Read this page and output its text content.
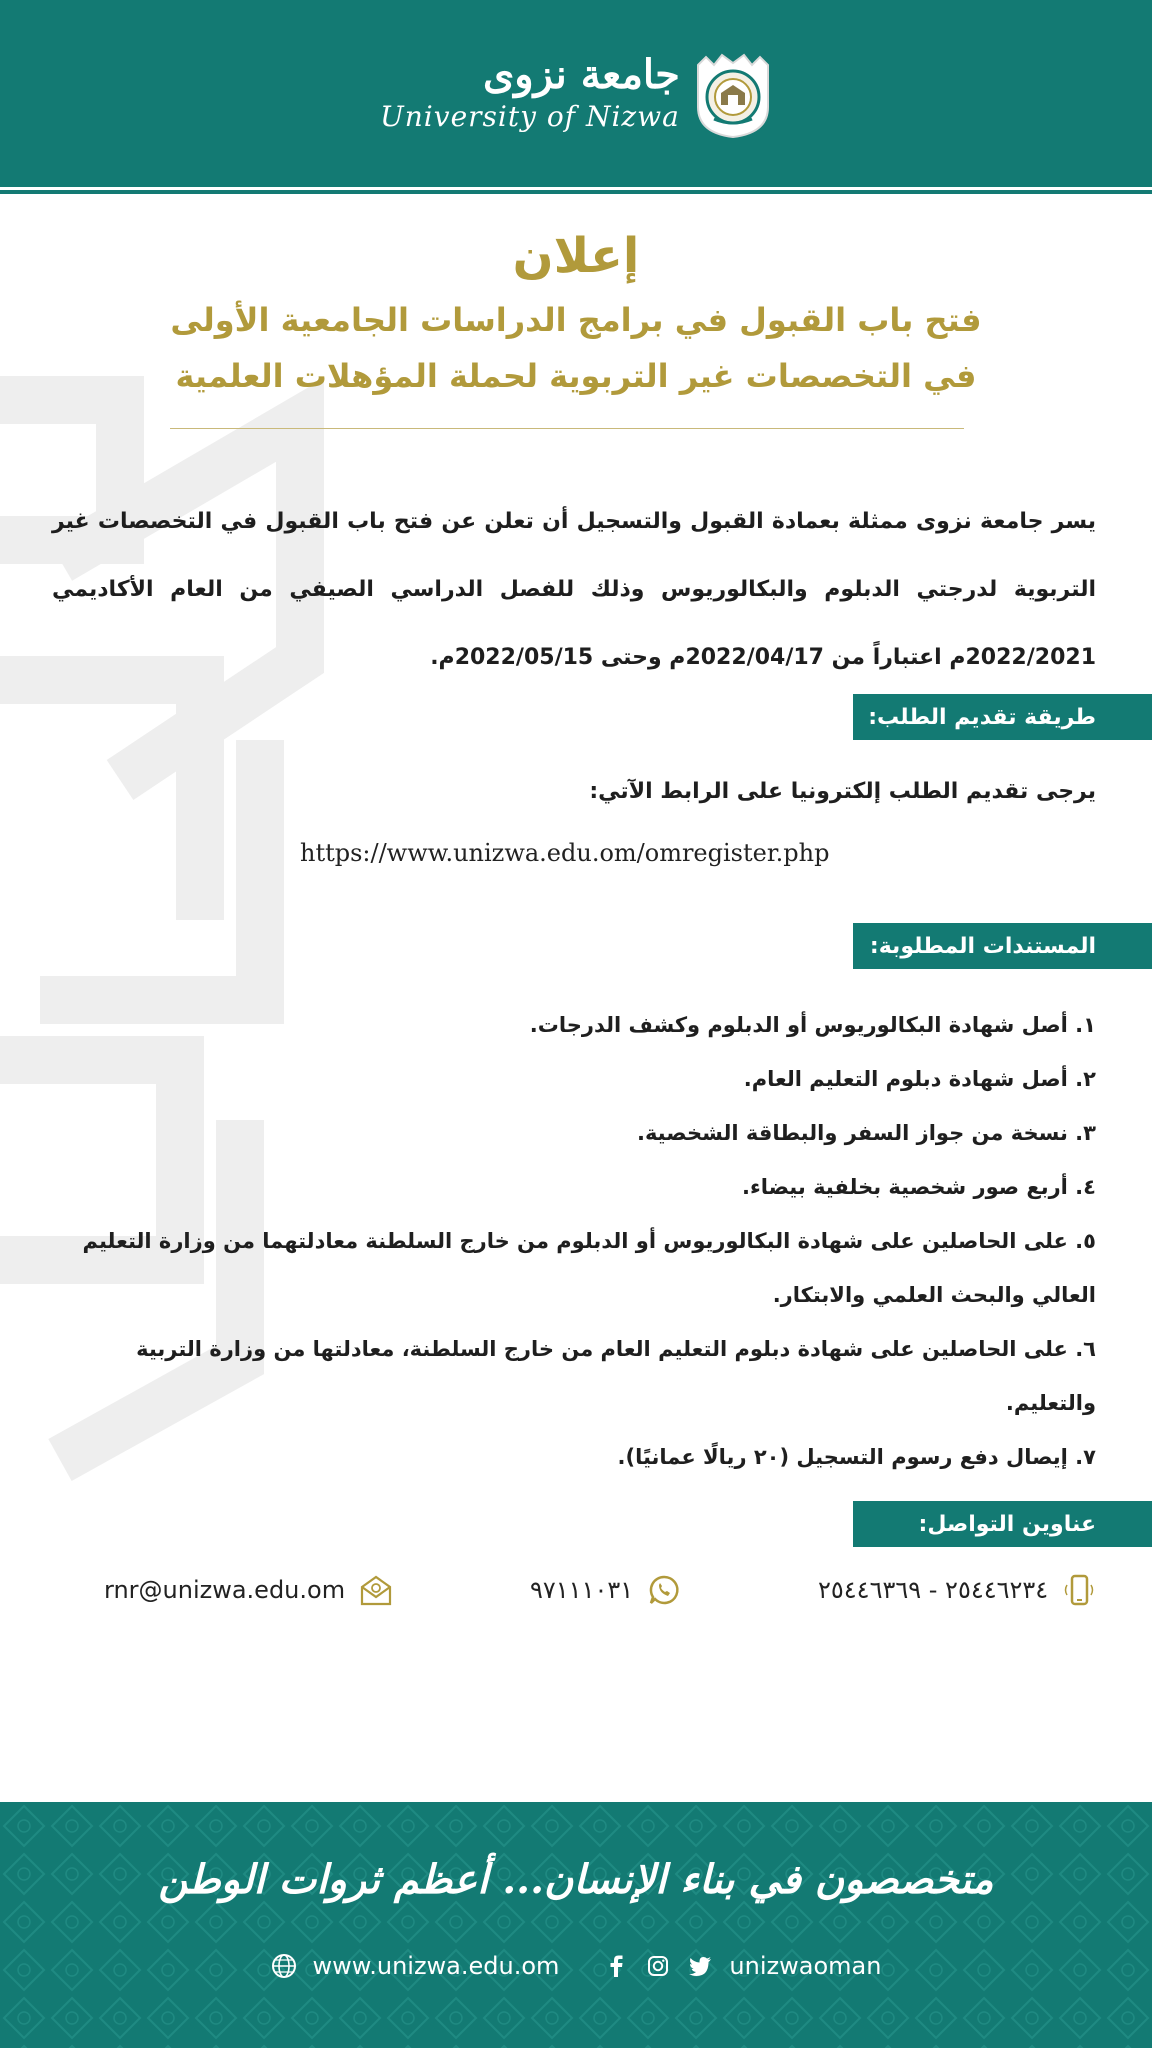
جامعة نزوى
University of Nizwa
إعلان
فتح باب القبول في برامج الدراسات الجامعية الأولى في التخصصات غير التربوية لحملة المؤهلات العلمية
يسر جامعة نزوى ممثلة بعمادة القبول والتسجيل أن تعلن عن فتح باب القبول في التخصصات غير التربوية لدرجتي الدبلوم والبكالوريوس وذلك للفصل الدراسي الصيفي من العام الأكاديمي 2022/2021م اعتباراً من 2022/04/17م وحتى 2022/05/15م.
طريقة تقديم الطلب:
يرجى تقديم الطلب إلكترونيا على الرابط الآتي:
https://www.unizwa.edu.om/omregister.php
المستندات المطلوبة:
١. أصل شهادة البكالوريوس أو الدبلوم وكشف الدرجات.
٢. أصل شهادة دبلوم التعليم العام.
٣. نسخة من جواز السفر والبطاقة الشخصية.
٤. أربع صور شخصية بخلفية بيضاء.
٥. على الحاصلين على شهادة البكالوريوس أو الدبلوم من خارج السلطنة معادلتهما من وزارة التعليم العالي والبحث العلمي والابتكار.
٦. على الحاصلين على شهادة دبلوم التعليم العام من خارج السلطنة، معادلتها من وزارة التربية والتعليم.
٧. إيصال دفع رسوم التسجيل (٢٠ ريالًا عمانيًا).
عناوين التواصل:
٢٥٤٤٦٢٣٤ - ٢٥٤٤٦٣٦٩
٩٧١١١٠٣١
rnr@unizwa.edu.om
متخصصون في بناء الإنسان... أعظم ثروات الوطن
www.unizwa.edu.om	unizwaoman
